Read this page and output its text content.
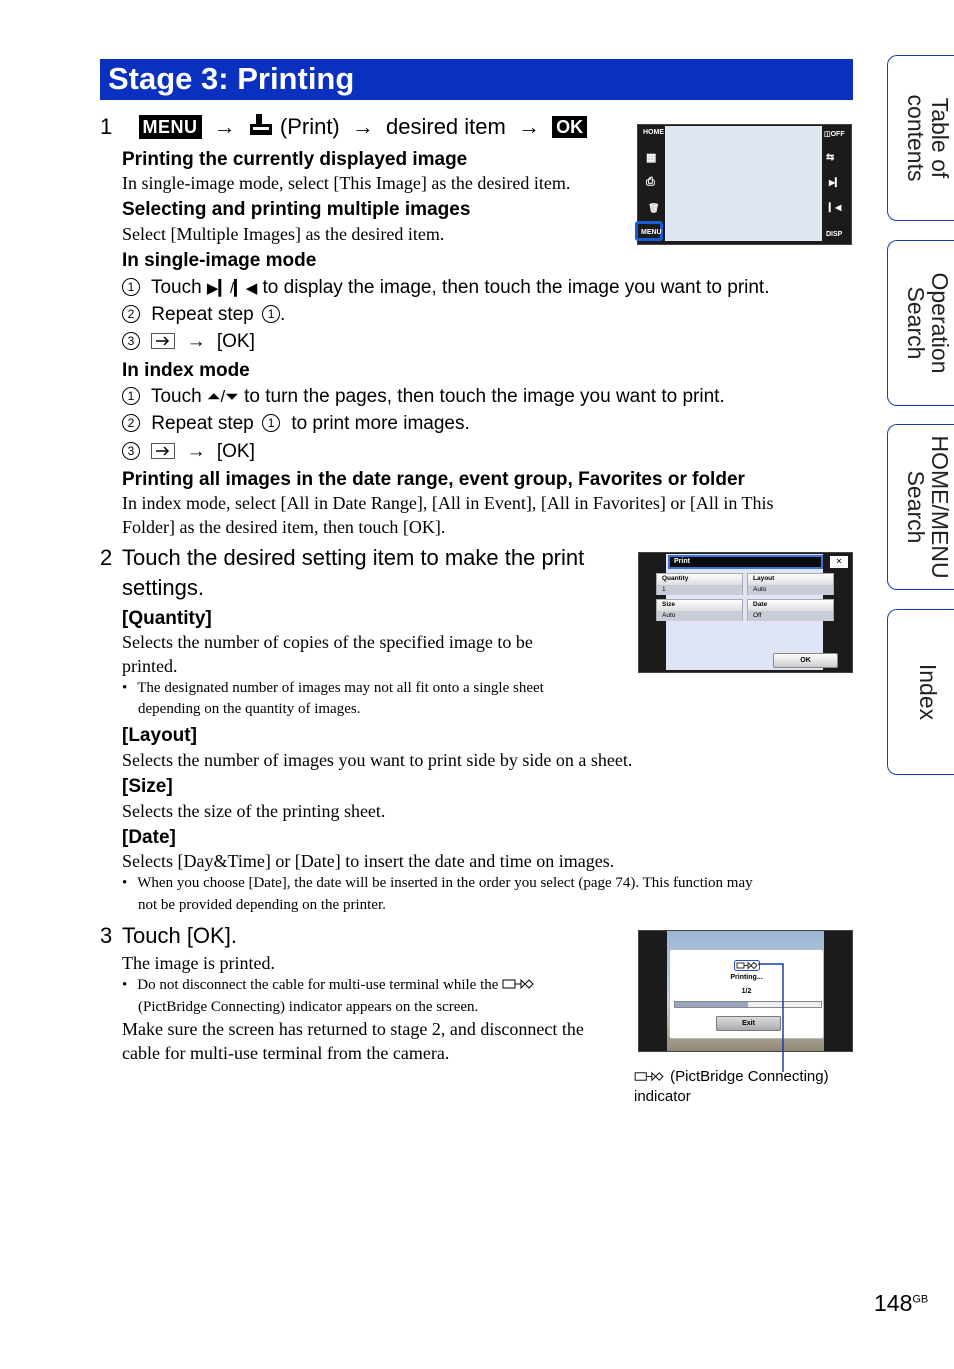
Stage 3: Printing
1 MENU → (Print) → desired item → OK
Printing the currently displayed image
In single-image mode, select [This Image] as the desired item.
Selecting and printing multiple images
Select [Multiple Images] as the desired item.
In single-image mode
1 Touch ▶▎/▎◀ to display the image, then touch the image you want to print.
2 Repeat step 1 .
3	→ [OK]
In index mode
1 Touch ⏶/⏷ to turn the pages, then touch the image you want to print.
2 Repeat step 1 to print more images.
3	→ [OK]
Printing all images in the date range, event group, Favorites or folder
In index mode, select [All in Date Range], [All in Event], [All in Favorites] or [All in This
Folder] as the desired item, then touch [OK].
HOME
▦
⎙
🗑
MENU
◫OFF
⇆
▶▎
▎◀
DISP
2 Touch the desired setting item to make the print
settings.
[Quantity]
Selects the number of copies of the specified image to be
printed.
• The designated number of images may not all fit onto a single sheet
depending on the quantity of images.
[Layout]
Selects the number of images you want to print side by side on a sheet.
[Size]
Selects the size of the printing sheet.
[Date]
Selects [Day&Time] or [Date] to insert the date and time on images.
• When you choose [Date], the date will be inserted in the order you select (page 74). This function may
not be provided depending on the printer.
Print	✕
Quantity
1
Layout
Auto
Size
Auto
Date
Off
OK
3 Touch [OK].
The image is printed.
• Do not disconnect the cable for multi-use terminal while the
(PictBridge Connecting) indicator appears on the screen.
Make sure the screen has returned to stage 2, and disconnect the
cable for multi-use terminal from the camera.
Printing...
1/2
Exit
(PictBridge Connecting)
indicator
Table of
contents
Operation
Search
HOME/MENU
Search
Index
$148^{GB}$
